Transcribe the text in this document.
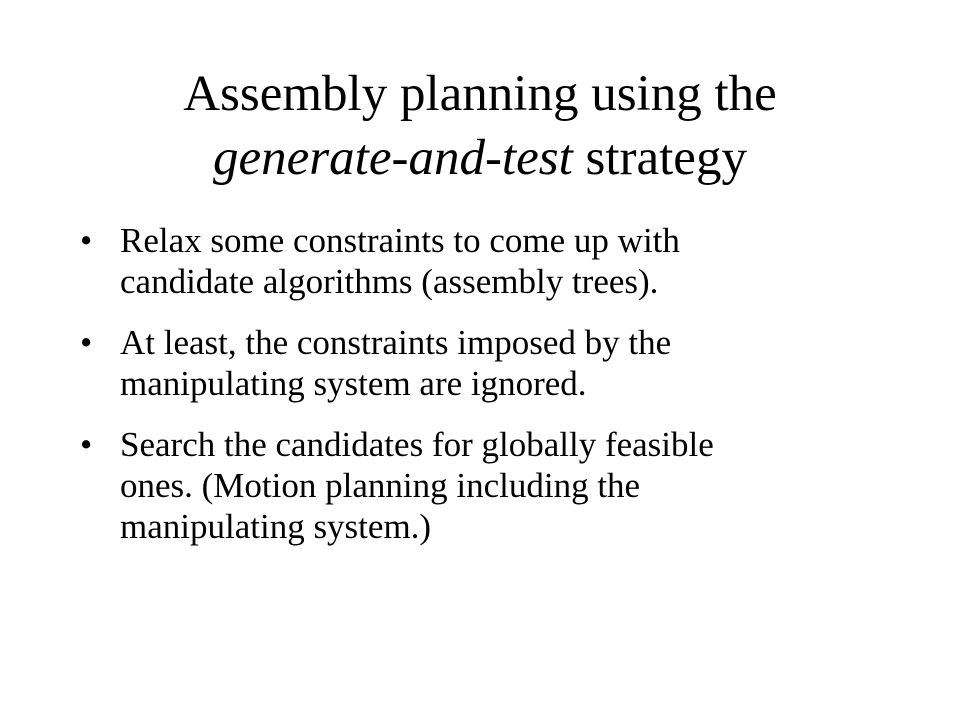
Assembly planning using the
generate-and-test strategy
• Relax some constraints to come up with
candidate algorithms (assembly trees).
• At least, the constraints imposed by the
manipulating system are ignored.
• Search the candidates for globally feasible
ones. (Motion planning including the
manipulating system.)
